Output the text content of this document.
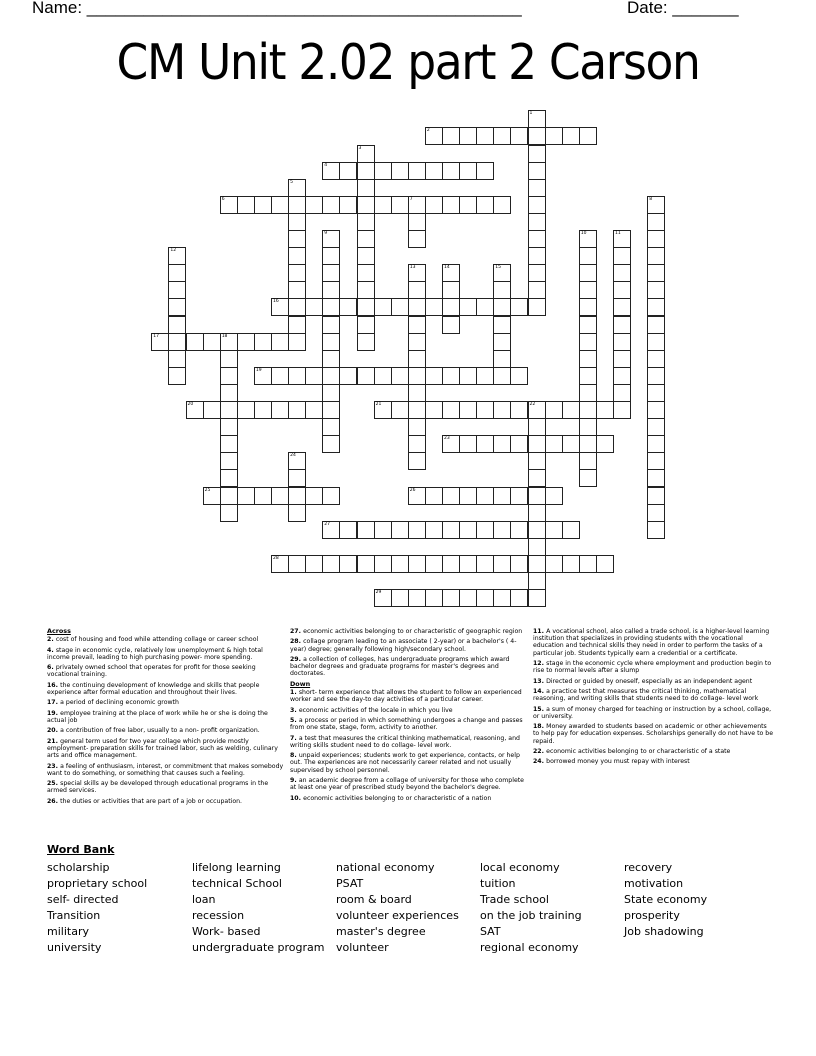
Name: ______________________________________________	Date: _______
CM Unit 2.02 part 2 Carson
1
2
3
4
5
6	7	8
9	10	11
12
13	14	15
16
17	18
19
20	21	22
23
24
25	26
27
28
29
Across

2 . cost of housing and food while attending collage or career school

4 . stage in economic cycle, relatively low unemployment & high total income prevail, leading to high purchasing power- more spending.

6 . privately owned school that operates for profit for those seeking vocational training.

16 . the continuing development of knowledge and skills that people experience after formal education and throughout their lives.

17 . a period of declining economic growth

19 . employee training at the place of work while he or she is doing the actual job

20 . a contribution of free labor, usually to a non- profit organization.

21 . general term used for two year collage which provide mostly employment- preparation skills for trained labor, such as welding, culinary arts and office management.

23 . a feeling of enthusiasm, interest, or commitment that makes somebody want to do something, or something that causes such a feeling.

25 . special skills ay be developed through educational programs in the armed services.

26 . the duties or activities that are part of a job or occupation.

27 . economic activities belonging to or characteristic of geographic region

28 . collage program leading to an associate ( 2-year) or a bachelor's ( 4- year) degree; generally following high/secondary school.

29 . a collection of colleges, has undergraduate programs which award bachelor degrees and graduate programs for master's degrees and doctorates.

Down

1 . short- term experience that allows the student to follow an experienced worker and see the day-to day activities of a particular career.

3 . economic activities of the locale in which you live

5 . a process or period in which something undergoes a change and passes from one state, stage, form, activity to another.

7 . a test that measures the critical thinking mathematical, reasoning, and writing skills student need to do collage- level work.

8 . unpaid experiences; students work to get experience, contacts, or help out. The experiences are not necessarily career related and not usually supervised by school personnel.

9 . an academic degree from a collage of university for those who complete at least one year of prescribed study beyond the bachelor's degree.

10 . economic activities belonging to or characteristic of a nation

11 . A vocational school, also called a trade school, is a higher-level learning institution that specializes in providing students with the vocational education and technical skills they need in order to perform the tasks of a particular job. Students typically earn a credential or a certificate.

12 . stage in the economic cycle where employment and production begin to rise to normal levels after a slump

13 . Directed or guided by oneself, especially as an independent agent

14 . a practice test that measures the critical thinking, mathematical reasoning, and writing skills that students need to do collage- level work

15 . a sum of money charged for teaching or instruction by a school, collage, or university.

18 . Money awarded to students based on academic or other achievements to help pay for education expenses. Scholarships generally do not have to be repaid.

22 . economic activities belonging to or characteristic of a state

24 . borrowed money you must repay with interest

Word Bank
scholarship
proprietary school
self- directed
Transition
military
university
lifelong learning
technical School
loan
recession
Work- based
undergraduate program
national economy
PSAT
room & board
volunteer experiences
master's degree
volunteer
local economy
tuition
Trade school
on the job training
SAT
regional economy
recovery
motivation
State economy
prosperity
Job shadowing
